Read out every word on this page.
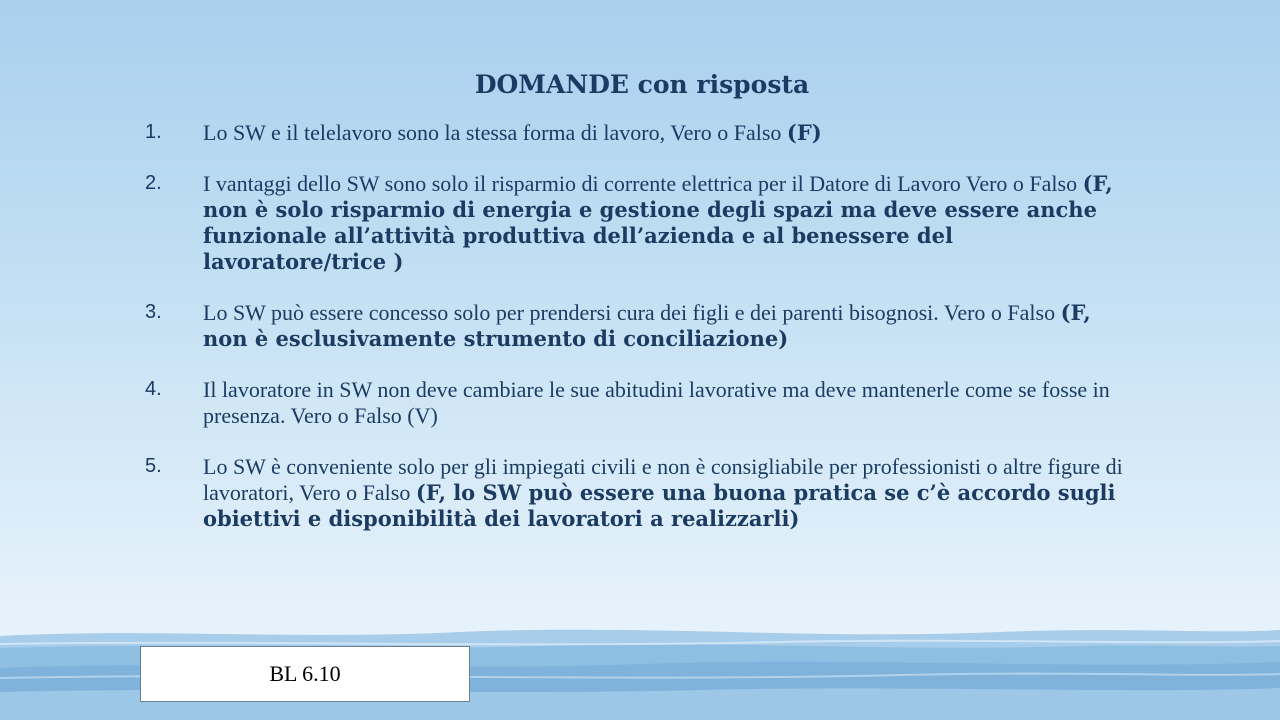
DOMANDE con risposta
1. Lo SW e il telelavoro sono la stessa forma di lavoro, Vero o Falso (F)
2. I vantaggi dello SW sono solo il risparmio di corrente elettrica per il Datore di Lavoro Vero o Falso (F, non è solo risparmio di energia e gestione degli spazi ma deve essere anche funzionale all’attività produttiva dell’azienda e al benessere del lavoratore/trice )
3. Lo SW può essere concesso solo per prendersi cura dei figli e dei parenti bisognosi. Vero o Falso (F, non è esclusivamente strumento di conciliazione)
4. Il lavoratore in SW non deve cambiare le sue abitudini lavorative ma deve mantenerle come se fosse in presenza. Vero o Falso (V)
5. Lo SW è conveniente solo per gli impiegati civili e non è consigliabile per professionisti o altre figure di lavoratori, Vero o Falso (F, lo SW può essere una buona pratica se c’è accordo sugli obiettivi e disponibilità dei lavoratori a realizzarli)
BL 6.10
